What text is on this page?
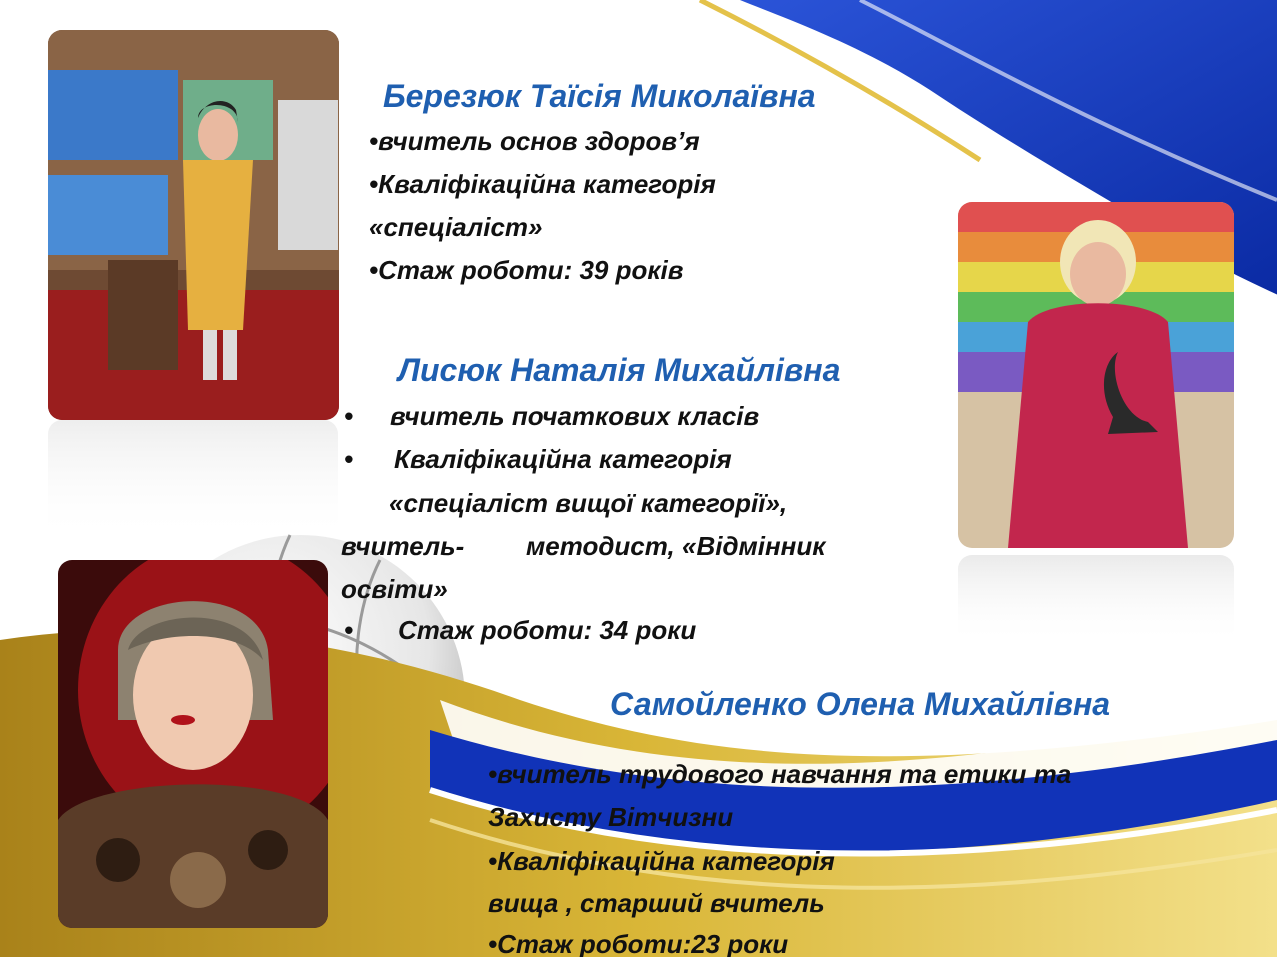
Березюк Таїсія Миколаївна
•вчитель основ здоров’я
•Кваліфікаційна категорія
«спеціаліст»
•Стаж роботи: 39 років
Лисюк Наталія Михайлівна
• вчитель початкових класів
• Кваліфікаційна категорія
«спеціаліст вищої категорії»,
вчитель- методист, «Відмінник
освіти»
• Стаж роботи: 34 роки
Самойленко Олена Михайлівна
•вчитель трудового навчання та етики та
Захисту Вітчизни
•Кваліфікаційна категорія
вища , старший вчитель
•Стаж роботи:23 роки
